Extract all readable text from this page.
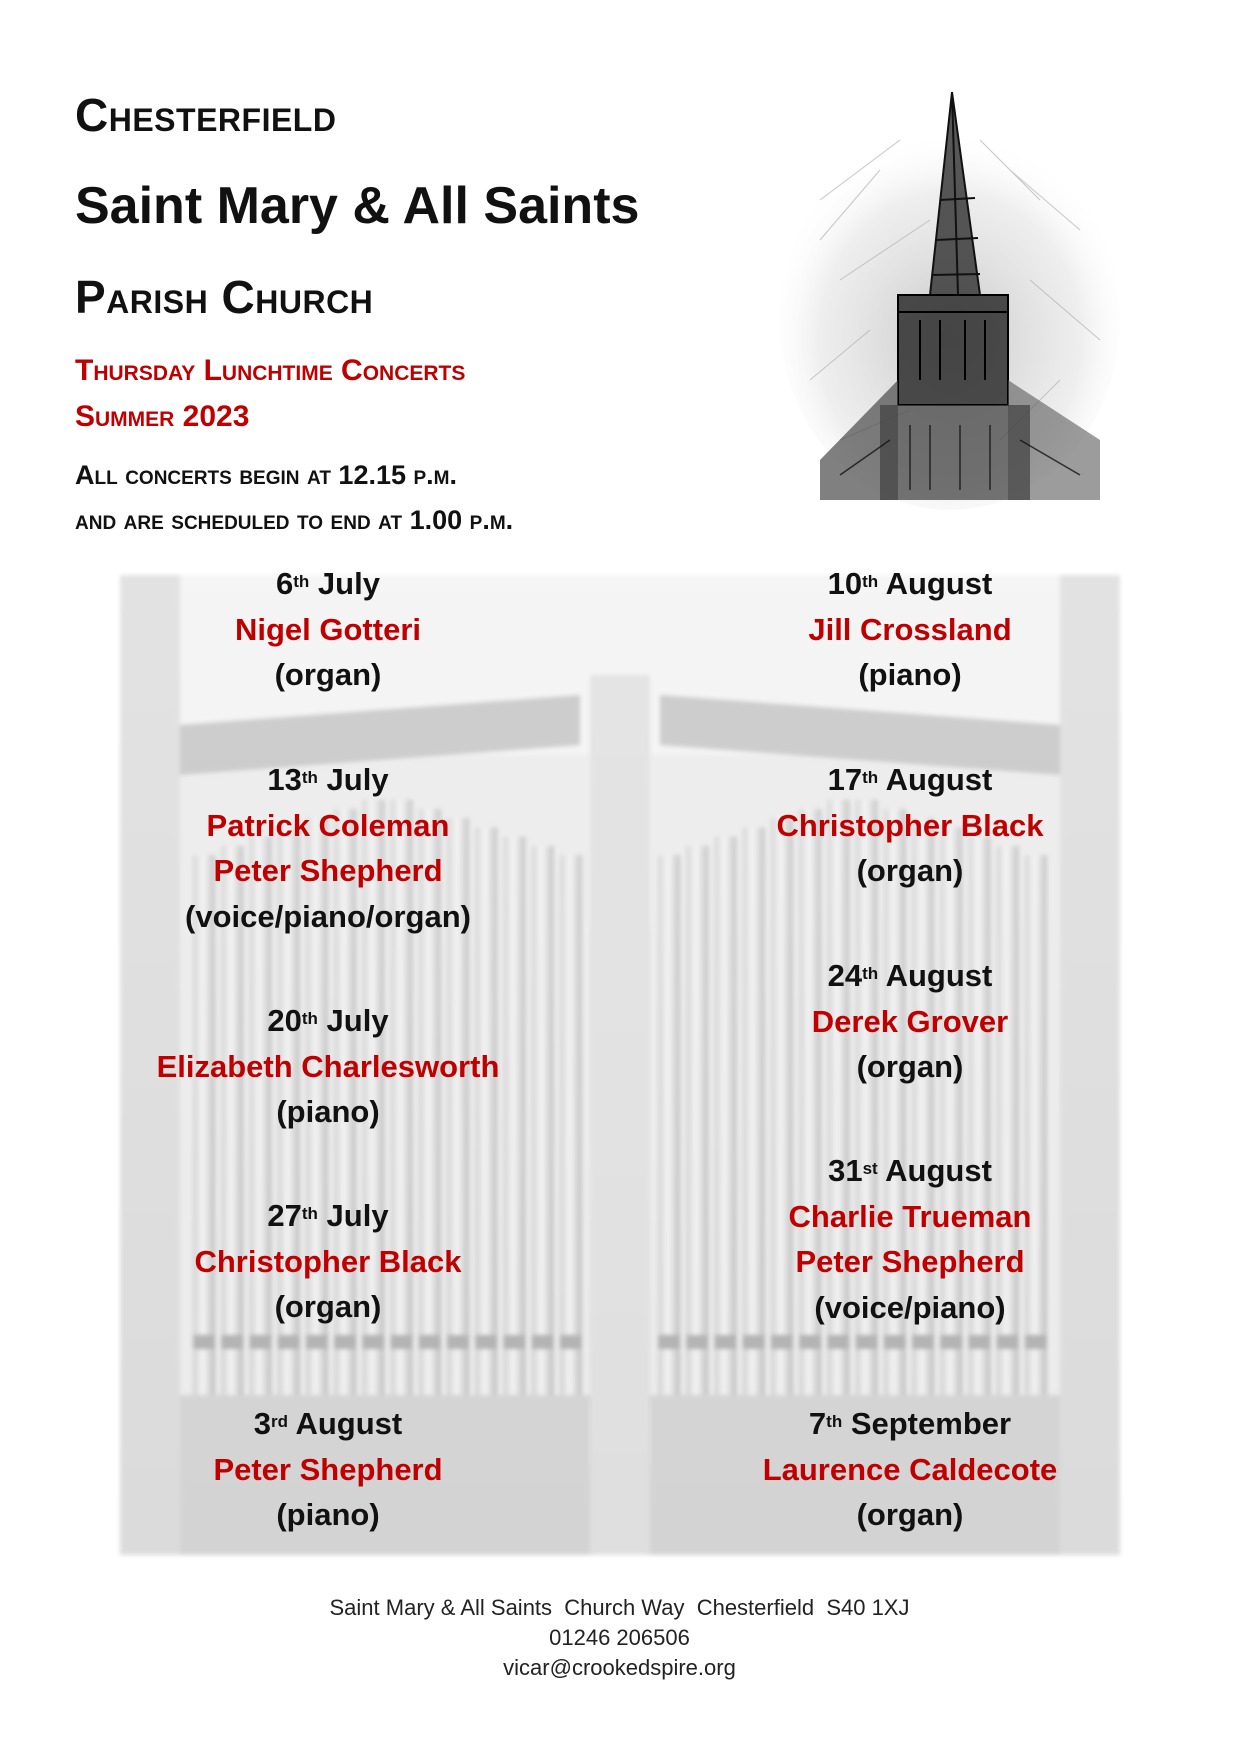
Chesterfield
Saint Mary & All Saints
Parish Church

Thursday Lunchtime Concerts

Summer 2023

All concerts begin at 12.15 p.m.

and are scheduled to end at 1.00 p.m.

6th July
Nigel Gotteri
(organ)
13th July
Patrick Coleman
Peter Shepherd
(voice/piano/organ)
20th July
Elizabeth Charlesworth
(piano)
27th July
Christopher Black
(organ)
3rd August
Peter Shepherd
(piano)
10th August
Jill Crossland
(piano)
17th August
Christopher Black
(organ)
24th August
Derek Grover
(organ)
31st August
Charlie Trueman
Peter Shepherd
(voice/piano)
7th September
Laurence Caldecote
(organ)
Saint Mary & All Saints  Church Way  Chesterfield  S40 1XJ
01246 206506
vicar@crookedspire.org
